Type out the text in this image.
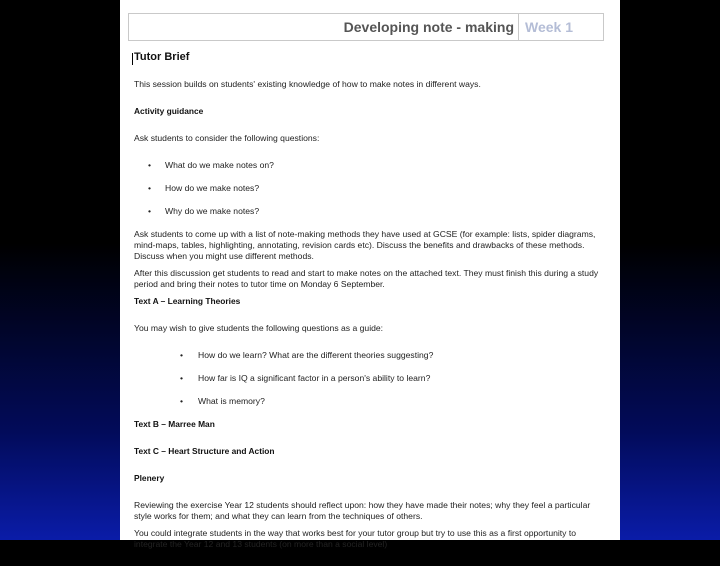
Developing note - making Week 1
Tutor Brief

This session builds on students' existing knowledge of how to make notes in different ways.

Activity guidance

Ask students to consider the following questions:

• What do we make notes on?
• How do we make notes?
• Why do we make notes?

Ask students to come up with a list of note-making methods they have used at GCSE (for example: lists, spider diagrams, mind-maps, tables, highlighting, annotating, revision cards etc). Discuss the benefits and drawbacks of these methods. Discuss when you might use different methods.

After this discussion get students to read and start to make notes on the attached text. They must finish this during a study period and bring their notes to tutor time on Monday 6 September.

Text A – Learning Theories

You may wish to give students the following questions as a guide:

• How do we learn? What are the different theories suggesting?
• How far is IQ a significant factor in a person's ability to learn?
• What is memory?
Text B – Marree Man
Text C – Heart Structure and Action
Plenery

Reviewing the exercise Year 12 students should reflect upon: how they have made their notes; why they feel a particular style works for them; and what they can learn from the techniques of others.

You could integrate students in the way that works best for your tutor group but try to use this as a first opportunity to integrate the Year 12 and 13 students (on more than a social level)
